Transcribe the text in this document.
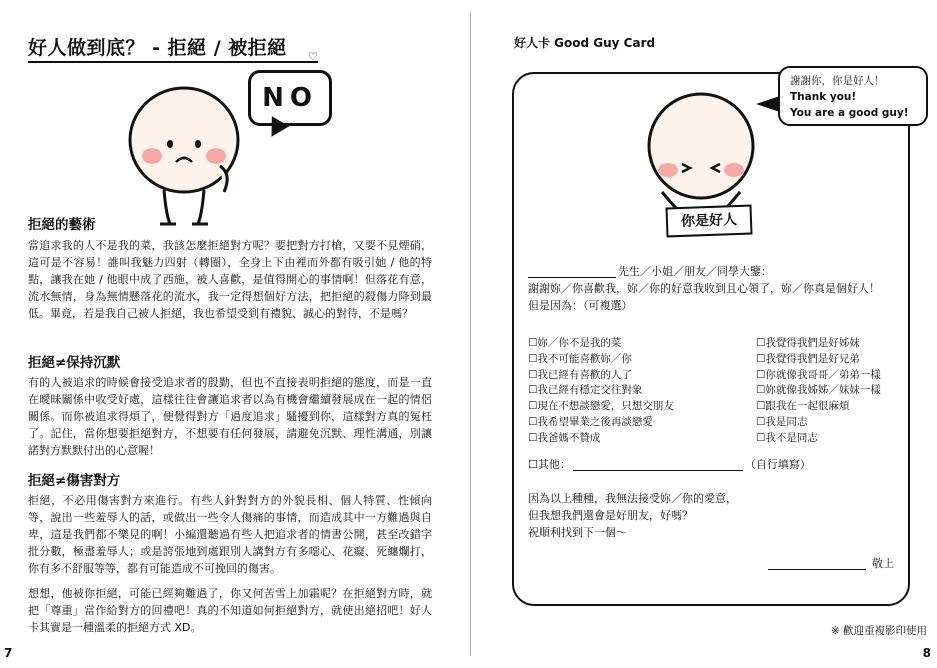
好人做到底？ - 拒絕 / 被拒絕 ♡
NO
拒絕的藝術
當追求我的人不是我的菜，我該怎麼拒絕對方呢？要把對方打槍，又要不見煙硝，這可是不容易！誰叫我魅力四射（轉圈），全身上下由裡而外都有吸引她 / 他的特點，讓我在她 / 他眼中成了西施，被人喜歡，是值得開心的事情啊！但落花有意，流水無情，身為無情懸落花的流水，我一定得想個好方法，把拒絕的殺傷力降到最低。畢竟，若是我自己被人拒絕，我也希望受到有禮貌、誠心的對待，不是嗎？
拒絕≠保持沉默
有的人被追求的時候會接受追求者的殷勤，但也不直接表明拒絕的態度，而是一直在曖昧關係中收受好處，這樣往往會讓追求者以為有機會繼續發展成在一起的情侶關係。而你被追求得煩了，便覺得對方「過度追求」騷擾到你，這樣對方真的冤枉了。記住，當你想要拒絕對方，不想要有任何發展，請避免沉默、理性溝通，別讓諾對方默默付出的心意喔！
拒絕≠傷害對方
拒絕，不必用傷害對方來進行。有些人針對對方的外貌長相、個人特質、性傾向等，說出一些羞辱人的話，或做出一些令人傷痛的事情，而造成其中一方難過與自卑，這是我們都不樂見的啊！小編還聽過有些人把追求者的情書公開，甚至改錯字批分數，極盡羞辱人；或是誇張地到處跟別人講對方有多噁心、花癡、死纏爛打，你有多不舒服等等，都有可能造成不可挽回的傷害。
想想，他被你拒絕，可能已經夠難過了，你又何苦雪上加霜呢？在拒絕對方時，就把「尊重」當作給對方的回禮吧！真的不知道如何拒絕對方，就使出絕招吧！好人卡其實是一種溫柔的拒絕方式 XD。
7
好人卡 Good Guy Card
你是好人
謝謝你，你是好人！
Thank you!
You are a good guy!
先生／小姐／朋友／同學大鑒：
謝謝妳／你喜歡我，妳／你的好意我收到且心領了，妳／你真是個好人！
但是因為：（可複選）
☐妳／你不是我的菜
☐我不可能喜歡妳／你
☐我已經有喜歡的人了
☐我已經有穩定交往對象
☐現在不想談戀愛，只想交朋友
☐我希望畢業之後再談戀愛
☐我爸媽不贊成
☐我覺得我們是好姊妹
☐我覺得我們是好兄弟
☐你就像我哥哥／弟弟一樣
☐妳就像我姊姊／妹妹一樣
☐跟我在一起很麻煩
☐我是同志
☐我不是同志
☐其他：	（自行填寫）
因為以上種種，我無法接受妳／你的愛意，
但我想我們還會是好朋友，好嗎？
祝順利找到下一個～
敬上
※ 歡迎重複影印使用
8
